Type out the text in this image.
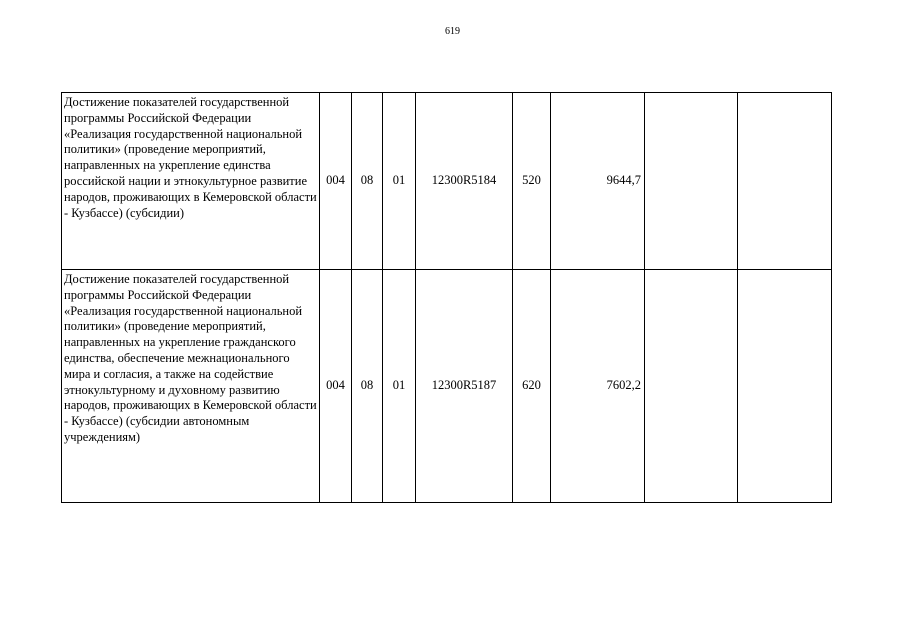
619
Достижение показателей государственной программы Российской Федерации «Реализация государственной национальной политики» (проведение мероприятий, направленных на укрепление единства российской нации и этнокультурное развитие народов, проживающих в Кемеровской области - Кузбассе) (субсидии)	004	08	01	12300R5184	520	9644,7		
Достижение показателей государственной программы Российской Федерации «Реализация государственной национальной политики» (проведение мероприятий, направленных на укрепление гражданского единства, обеспечение межнационального мира и согласия, а также на содействие этнокультурному и духовному развитию народов, проживающих в Кемеровской области - Кузбассе) (субсидии автономным учреждениям)	004	08	01	12300R5187	620	7602,2		
